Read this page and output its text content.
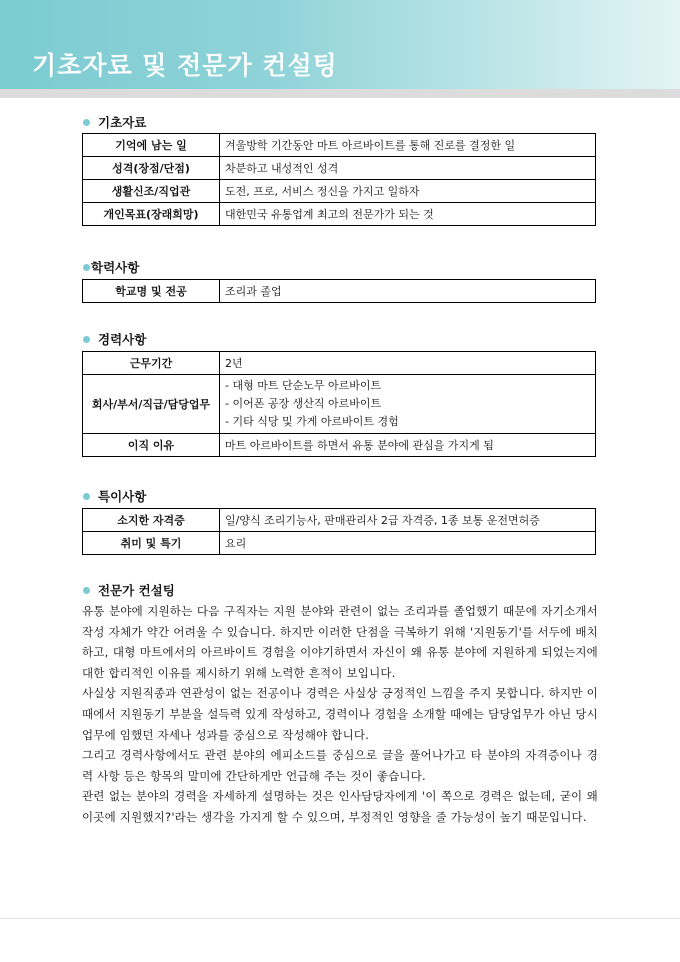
기초자료 및 전문가 컨설팅
기초자료
기억에 남는 일	겨울방학 기간동안 마트 아르바이트를 통해 진로를 결정한 일
성격(장점/단점)	차분하고 내성적인 성격
생활신조/직업관	도전, 프로, 서비스 정신을 가지고 일하자
개인목표(장래희망)	대한민국 유통업계 최고의 전문가가 되는 것
학력사항
학교명 및 전공	조리과 졸업
경력사항
근무기간	2년
회사/부서/직급/담당업무	- 대형 마트 단순노무 아르바이트
- 이어폰 공장 생산직 아르바이트
- 기타 식당 및 가게 아르바이트 경험

이직 이유	마트 아르바이트를 하면서 유통 분야에 관심을 가지게 됨
특이사항
소지한 자격증	일/양식 조리기능사, 판매관리사 2급 자격증, 1종 보통 운전면허증
취미 및 특기	요리
전문가 컨설팅

유통 분야에 지원하는 다음 구직자는 지원 분야와 관련이 없는 조리과를 졸업했기 때문에 자기소개서 작성 자체가 약간 어려울 수 있습니다. 하지만 이러한 단점을 극복하기 위해 '지원동기'를 서두에 배치하고, 대형 마트에서의 아르바이트 경험을 이야기하면서 자신이 왜 유통 분야에 지원하게 되었는지에 대한 합리적인 이유를 제시하기 위해 노력한 흔적이 보입니다.

사실상 지원직종과 연관성이 없는 전공이나 경력은 사실상 긍정적인 느낌을 주지 못합니다. 하지만 이때에서 지원동기 부분을 설득력 있게 작성하고, 경력이나 경험을 소개할 때에는 담당업무가 아닌 당시 업무에 임했던 자세나 성과를 중심으로 작성해야 합니다.

그리고 경력사항에서도 관련 분야의 에피소드를 중심으로 글을 풀어나가고 타 분야의 자격증이나 경력 사항 등은 항목의 말미에 간단하게만 언급해 주는 것이 좋습니다.

관련 없는 분야의 경력을 자세하게 설명하는 것은 인사담당자에게 '이 쪽으로 경력은 없는데, 굳이 왜 이곳에 지원했지?'라는 생각을 가지게 할 수 있으며, 부정적인 영향을 줄 가능성이 높기 때문입니다.
